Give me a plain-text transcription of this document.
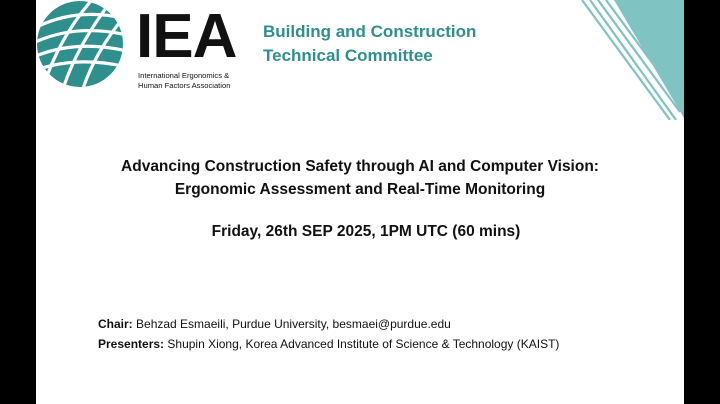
IEA
International Ergonomics &
Human Factors Association
Building and Construction
Technical Committee
Advancing Construction Safety through AI and Computer Vision:
Ergonomic Assessment and Real-Time Monitoring
Friday, 26th SEP 2025, 1PM UTC (60 mins)
Chair: Behzad Esmaeili, Purdue University, besmaei@purdue.edu
Presenters: Shupin Xiong, Korea Advanced Institute of Science & Technology (KAIST)
